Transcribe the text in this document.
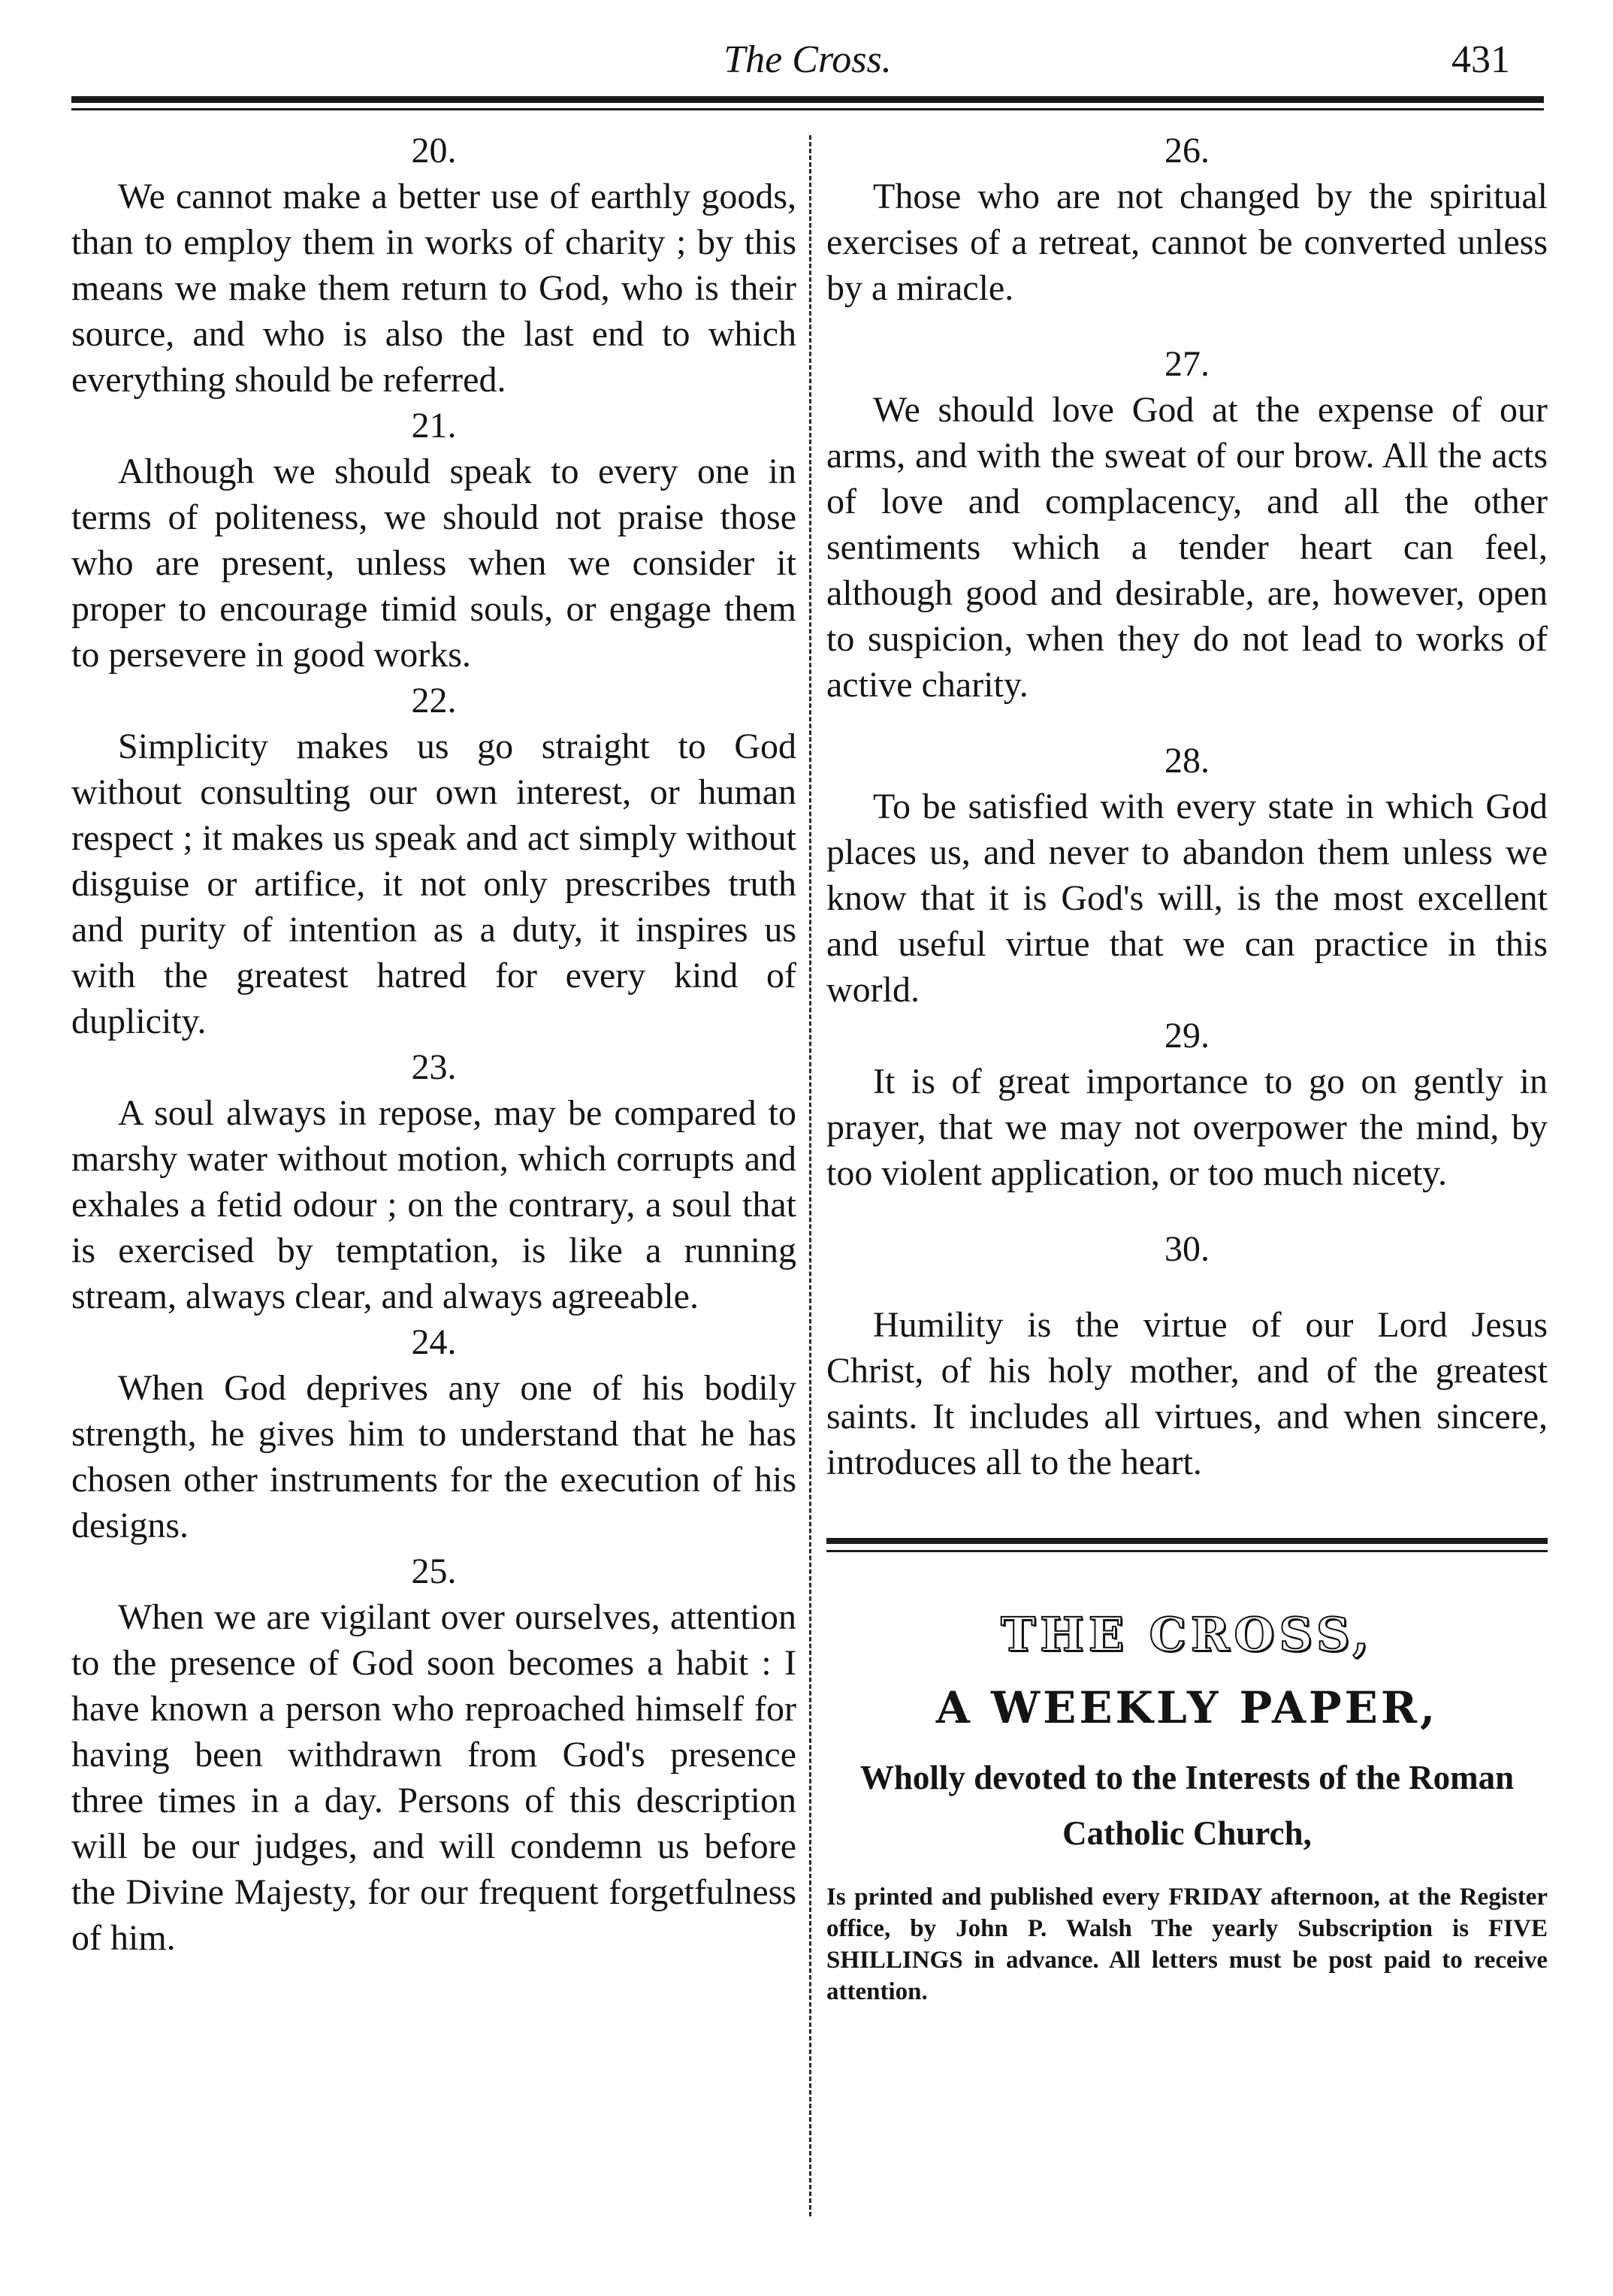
The Cross.	431

20.

We cannot make a better use of earthly goods, than to employ them in works of charity ; by this means we make them return to God, who is their source, and who is also the last end to which everything should be referred.

21.

Although we should speak to every one in terms of politeness, we should not praise those who are present, unless when we consider it proper to encourage timid souls, or engage them to persevere in good works.

22.

Simplicity makes us go straight to God without consulting our own interest, or human respect ; it makes us speak and act simply without disguise or artifice, it not only prescribes truth and purity of intention as a duty, it inspires us with the greatest hatred for every kind of duplicity.

23.

A soul always in repose, may be compared to marshy water without motion, which corrupts and exhales a fetid odour ; on the contrary, a soul that is exercised by temptation, is like a running stream, always clear, and always agreeable.

24.

When God deprives any one of his bodily strength, he gives him to understand that he has chosen other instruments for the execution of his designs.

25.

When we are vigilant over ourselves, attention to the presence of God soon becomes a habit : I have known a person who reproached himself for having been withdrawn from God's presence three times in a day. Persons of this description will be our judges, and will condemn us before the Divine Majesty, for our frequent forgetfulness of him.

26.

Those who are not changed by the spiritual exercises of a retreat, cannot be converted unless by a miracle.

27.

We should love God at the expense of our arms, and with the sweat of our brow. All the acts of love and complacency, and all the other sentiments which a tender heart can feel, although good and desirable, are, however, open to suspicion, when they do not lead to works of active charity.

28.

To be satisfied with every state in which God places us, and never to abandon them unless we know that it is God's will, is the most excellent and useful virtue that we can practice in this world.

29.

It is of great importance to go on gently in prayer, that we may not overpower the mind, by too violent application, or too much nicety.

30.

Humility is the virtue of our Lord Jesus Christ, of his holy mother, and of the greatest saints. It includes all virtues, and when sincere, introduces all to the heart.

THE CROSS,
A WEEKLY PAPER,
Wholly devoted to the Interests of the Roman
Catholic Church,
Is printed and published every FRIDAY afternoon, at the Register office, by John P. Walsh The yearly Subscription is FIVE SHILLINGS in advance. All letters must be post paid to receive attention.
